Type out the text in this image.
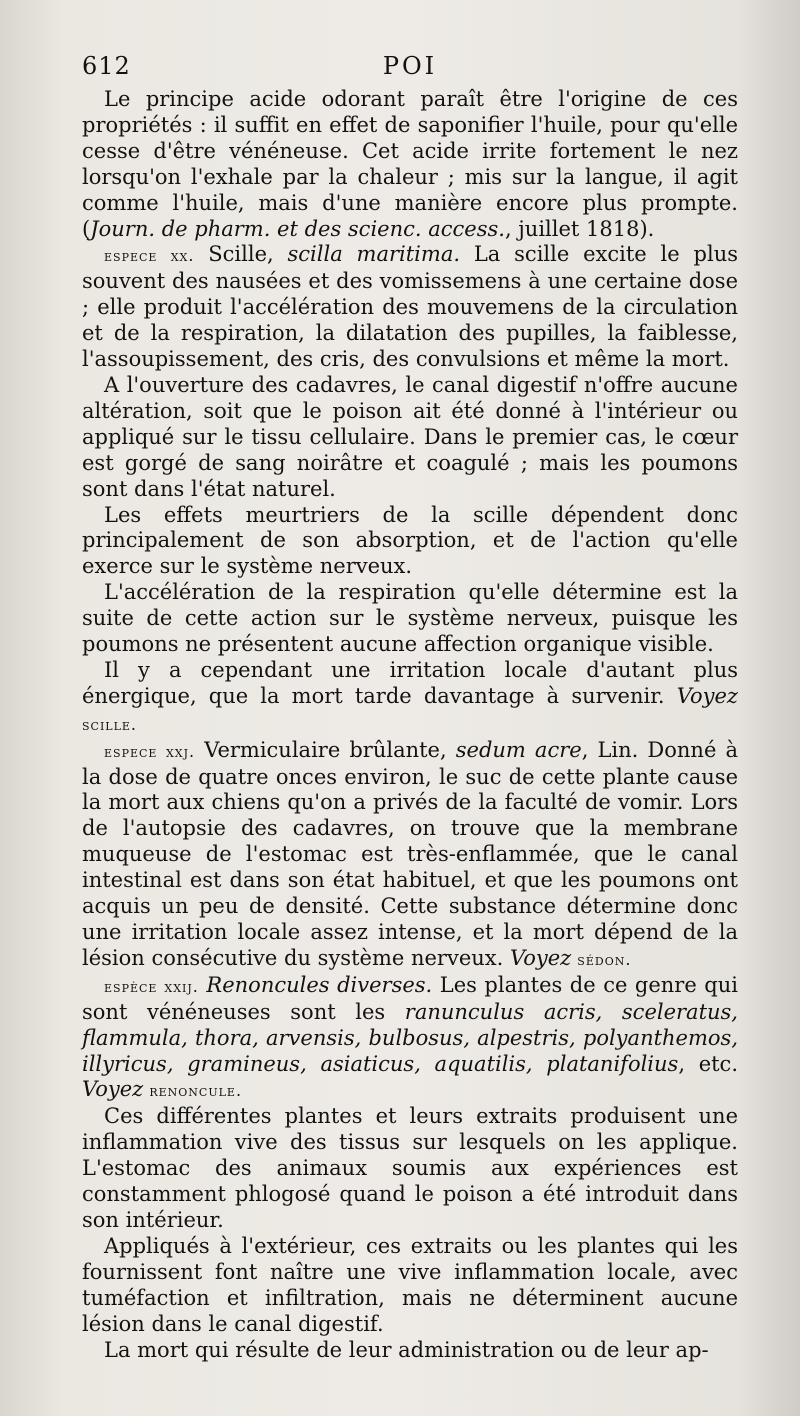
612	POI

Le principe acide odorant paraît être l'origine de ces propriétés : il suffit en effet de saponifier l'huile, pour qu'elle cesse d'être vénéneuse. Cet acide irrite fortement le nez lorsqu'on l'exhale par la chaleur ; mis sur la langue, il agit comme l'huile, mais d'une manière encore plus prompte. (Journ. de pharm. et des scienc. access., juillet 1818).

espece xx. Scille, scilla maritima. La scille excite le plus souvent des nausées et des vomissemens à une certaine dose ; elle produit l'accélération des mouvemens de la circulation et de la respiration, la dilatation des pupilles, la faiblesse, l'assoupissement, des cris, des convulsions et même la mort.

A l'ouverture des cadavres, le canal digestif n'offre aucune altération, soit que le poison ait été donné à l'intérieur ou appliqué sur le tissu cellulaire. Dans le premier cas, le cœur est gorgé de sang noirâtre et coagulé ; mais les poumons sont dans l'état naturel.

Les effets meurtriers de la scille dépendent donc principalement de son absorption, et de l'action qu'elle exerce sur le système nerveux.

L'accélération de la respiration qu'elle détermine est la suite de cette action sur le système nerveux, puisque les poumons ne présentent aucune affection organique visible.

Il y a cependant une irritation locale d'autant plus énergique, que la mort tarde davantage à survenir. Voyez scille.

espece xxj. Vermiculaire brûlante, sedum acre, Lin. Donné à la dose de quatre onces environ, le suc de cette plante cause la mort aux chiens qu'on a privés de la faculté de vomir. Lors de l'autopsie des cadavres, on trouve que la membrane muqueuse de l'estomac est très-enflammée, que le canal intestinal est dans son état habituel, et que les poumons ont acquis un peu de densité. Cette substance détermine donc une irritation locale assez intense, et la mort dépend de la lésion consécutive du système nerveux. Voyez sédon.

espèce xxij. Renoncules diverses. Les plantes de ce genre qui sont vénéneuses sont les ranunculus acris, sceleratus, flammula, thora, arvensis, bulbosus, alpestris, polyanthemos, illyricus, gramineus, asiaticus, aquatilis, platanifolius, etc. Voyez renoncule.

Ces différentes plantes et leurs extraits produisent une inflammation vive des tissus sur lesquels on les applique. L'estomac des animaux soumis aux expériences est constamment phlogosé quand le poison a été introduit dans son intérieur.

Appliqués à l'extérieur, ces extraits ou les plantes qui les fournissent font naître une vive inflammation locale, avec tuméfaction et infiltration, mais ne déterminent aucune lésion dans le canal digestif.

La mort qui résulte de leur administration ou de leur ap-
